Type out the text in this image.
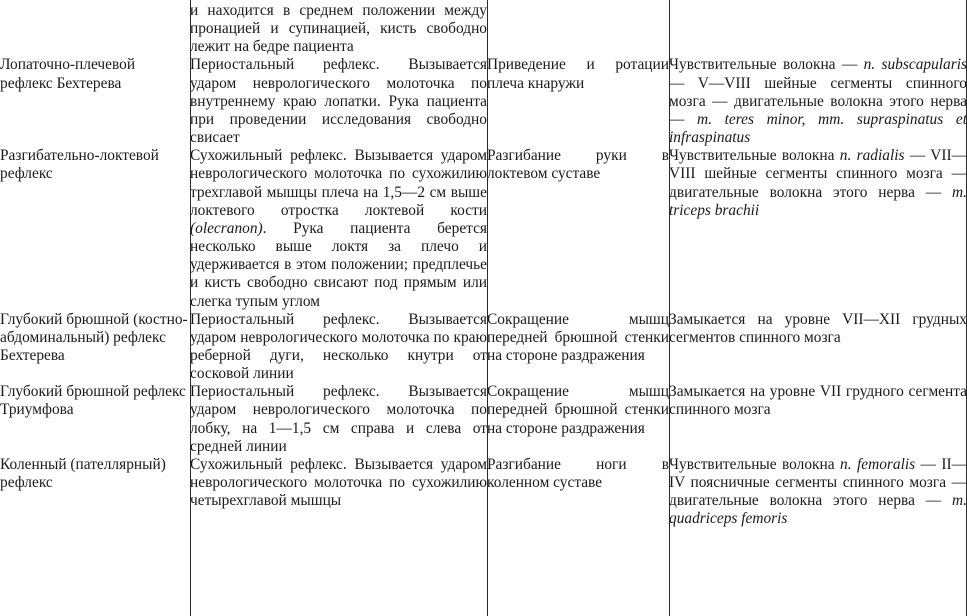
	и находится в среднем положении между пронацией и супинацией, кисть свободно лежит на бедре пациента		

Лопаточно-плечевой рефлекс Бехтерева	Периостальный рефлекс. Вызывается ударом неврологического молоточка по внутреннему краю лопатки. Рука пациента при проведении исследования свободно свисает	Приведение и ротации плеча кнаружи	Чувствительные волокна — n. subscapularis — V—VIII шейные сегменты спинного мозга — двигательные волокна этого нерва — m. teres minor, mm. supraspinatus et infraspinatus

Разгибательно-локтевой рефлекс	Сухожильный рефлекс. Вызывается ударом неврологического молоточка по сухожилию трехглавой мышцы плеча на 1,5—2 см выше локтевого отростка локтевой кости (olecranon). Рука пациента берется несколько выше локтя за плечо и удерживается в этом положении; предплечье и кисть свободно свисают под прямым или слегка тупым углом	Разгибание руки в локтевом суставе	Чувствительные волокна n. radialis — VII—VIII шейные сегменты спинного мозга — двигательные волокна этого нерва — m. triceps brachii

Глубокий брюшной (костно-абдоминальный) рефлекс Бехтерева	Периостальный рефлекс. Вызывается ударом неврологического молоточка по краю реберной дуги, несколько кнутри от сосковой линии	Сокращение мышц передней брюшной стенки на стороне раздражения	Замыкается на уровне VII—XII грудных сегментов спинного мозга

Глубокий брюшной рефлекс Триумфова	Периостальный рефлекс. Вызывается ударом неврологического молоточка по лобку, на 1—1,5 см справа и слева от средней линии	Сокращение мышц передней брюшной стенки на стороне раздражения	Замыкается на уровне VII грудного сегмента спинного мозга

Коленный (пателлярный) рефлекс	Сухожильный рефлекс. Вызывается ударом неврологического молоточка по сухожилию четырехглавой мышцы	Разгибание ноги в коленном суставе	Чувствительные волокна n. femoralis — II—IV поясничные сегменты спинного мозга — двигательные волокна этого нерва — m. quadriceps femoris
